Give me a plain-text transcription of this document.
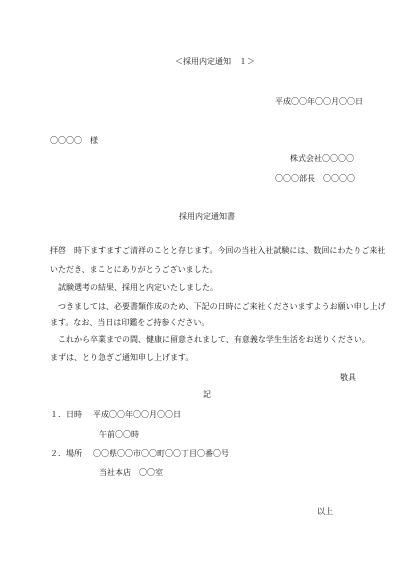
＜採用内定通知　１＞
平成〇〇年〇〇月〇〇日
〇〇〇〇　様
株式会社〇〇〇〇
〇〇〇部長　〇〇〇〇
採用内定通知書
拝啓　時下ますますご清祥のことと存じます。今回の当社入社試験には、数回にわたりご来社
いただき、まことにありがとうございました。
　試験選考の結果、採用と内定いたしました。
　つきましては、必要書類作成のため、下記の日時にご来社くださいますようお願い申し上げ
ます。なお、当日は印鑑をご持参ください。
　これから卒業までの間、健康に留意されまして、有意義な学生生活をお送りください。
まずは、とり急ぎご通知申し上げます。
敬具
記
１．日時 平成〇〇年〇〇月〇〇日
午前〇〇時
２．場所 〇〇県〇〇市〇〇町〇〇丁目〇番〇号
当社本店　〇〇室
以上
